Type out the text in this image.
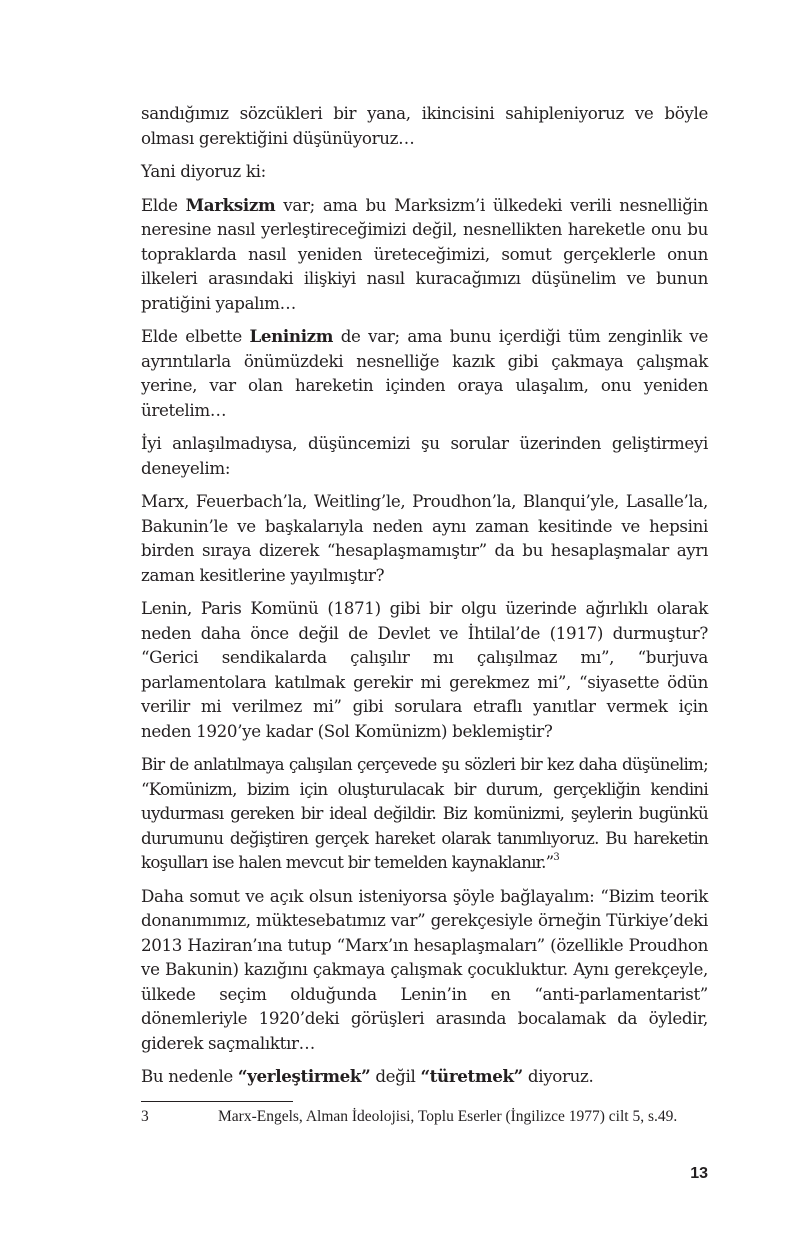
sandığımız sözcükleri bir yana, ikincisini sahipleniyoruz ve böyle olması gerektiğini düşünüyoruz…

Yani diyoruz ki:

Elde Marksizm var; ama bu Marksizm’i ülkedeki verili nesnelliğin neresine nasıl yerleştireceğimizi değil, nesnellikten hareketle onu bu topraklarda nasıl yeniden üreteceğimizi, somut gerçeklerle onun ilkeleri arasındaki ilişkiyi nasıl kuracağımızı düşünelim ve bunun pratiğini yapalım…

Elde elbette Leninizm de var; ama bunu içerdiği tüm zenginlik ve ayrıntılarla önümüzdeki nesnelliğe kazık gibi çakmaya çalışmak yerine, var olan hareketin içinden oraya ulaşalım, onu yeniden üretelim…

İyi anlaşılmadıysa, düşüncemizi şu sorular üzerinden geliştirmeyi deneyelim:

Marx, Feuerbach’la, Weitling’le, Proudhon’la, Blanqui’yle, Lasalle’la, Bakunin’le ve başkalarıyla neden aynı zaman kesitinde ve hepsini birden sıraya dizerek “hesaplaşmamıştır” da bu hesaplaşmalar ayrı zaman kesitlerine yayılmıştır?

Lenin, Paris Komünü (1871) gibi bir olgu üzerinde ağırlıklı olarak neden daha önce değil de Devlet ve İhtilal’de (1917) durmuştur? “Gerici sendikalarda çalışılır mı çalışılmaz mı”, “burjuva parlamentolara katılmak gerekir mi gerekmez mi”, “siyasette ödün verilir mi verilmez mi” gibi sorulara etraflı yanıtlar vermek için neden 1920’ye kadar (Sol Komünizm) beklemiştir?

Bir de anlatılmaya çalışılan çerçevede şu sözleri bir kez daha düşünelim; “Komünizm, bizim için oluşturulacak bir durum, gerçekliğin kendini uydurması gereken bir ideal değildir. Biz komünizmi, şeylerin bugünkü durumunu değiştiren gerçek hareket olarak tanımlıyoruz. Bu hareketin koşulları ise halen mevcut bir temelden kaynaklanır.”$^3$

Daha somut ve açık olsun isteniyorsa şöyle bağlayalım: “Bizim teorik donanımımız, müktesebatımız var” gerekçesiyle örneğin Türkiye’deki 2013 Haziran’ına tutup “Marx’ın hesaplaşmaları” (özellikle Proudhon ve Bakunin) kazığını çakmaya çalışmak çocukluktur. Aynı gerekçeyle, ülkede seçim olduğunda Lenin’in en “anti-parlamentarist” dönemleriyle 1920’deki görüşleri arasında bocalamak da öyledir, giderek saçmalıktır…

Bu nedenle “yerleştirmek” değil “türetmek” diyoruz.

3	Marx-Engels, Alman İdeolojisi, Toplu Eserler (İngilizce 1977) cilt 5, s.49.
13
